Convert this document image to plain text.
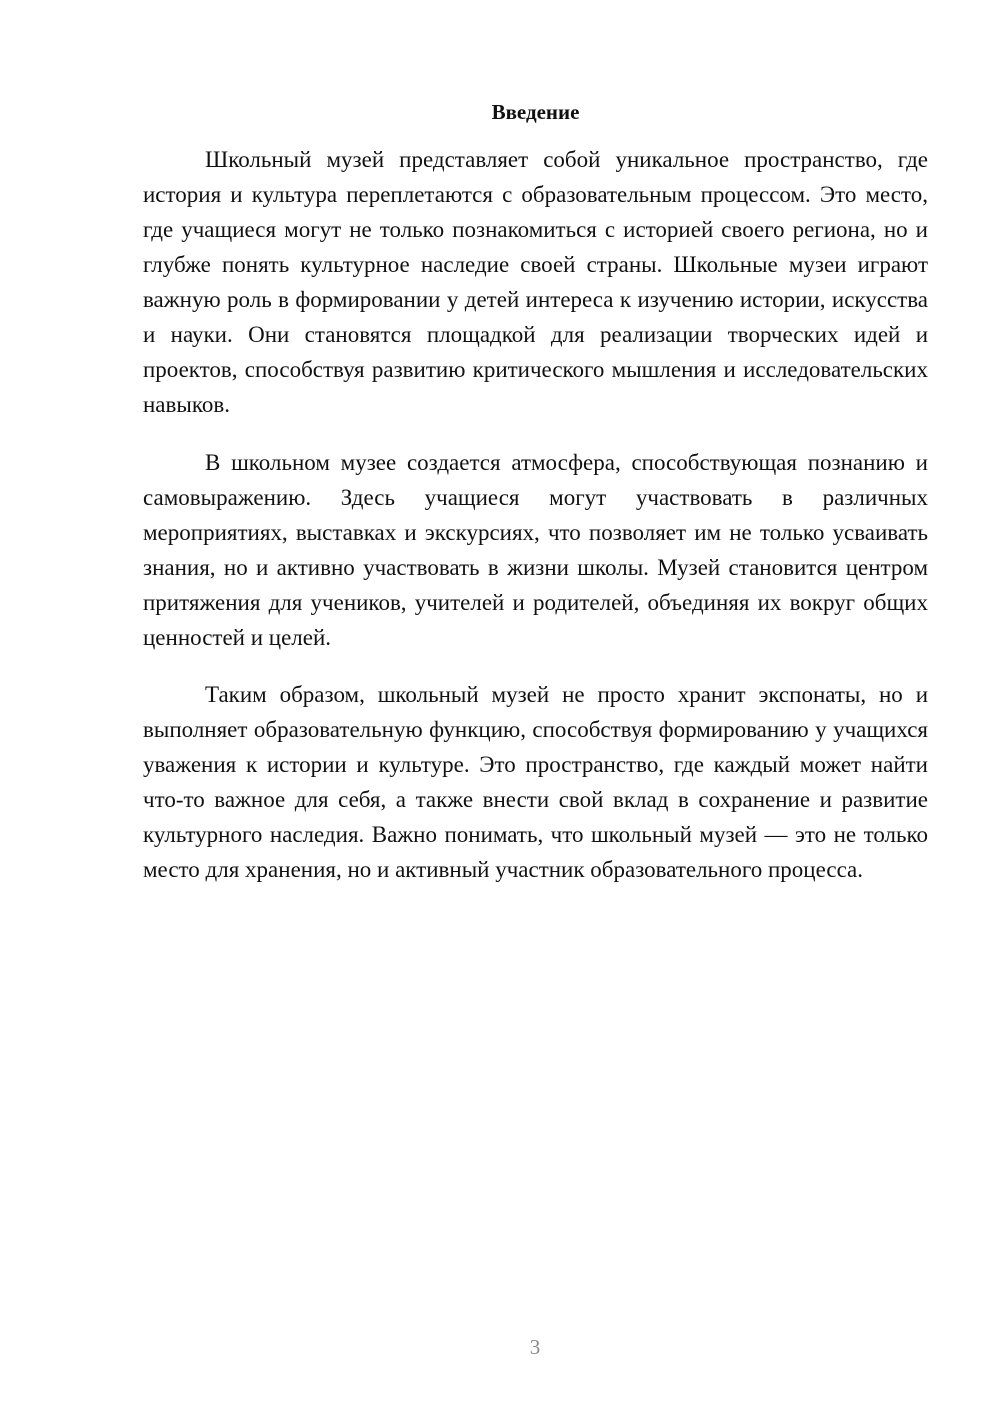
Введение

Школьный музей представляет собой уникальное пространство, где история и культура переплетаются с образовательным процессом. Это место, где учащиеся могут не только познакомиться с историей своего региона, но и глубже понять культурное наследие своей страны. Школьные музеи играют важную роль в формировании у детей интереса к изучению истории, искусства и науки. Они становятся площадкой для реализации творческих идей и проектов, способствуя развитию критического мышления и исследовательских навыков.

В школьном музее создается атмосфера, способствующая познанию и самовыражению. Здесь учащиеся могут участвовать в различных мероприятиях, выставках и экскурсиях, что позволяет им не только усваивать знания, но и активно участвовать в жизни школы. Музей становится центром притяжения для учеников, учителей и родителей, объединяя их вокруг общих ценностей и целей.

Таким образом, школьный музей не просто хранит экспонаты, но и выполняет образовательную функцию, способствуя формированию у учащихся уважения к истории и культуре. Это пространство, где каждый может найти что-то важное для себя, а также внести свой вклад в сохранение и развитие культурного наследия. Важно понимать, что школьный музей — это не только место для хранения, но и активный участник образовательного процесса.

3
